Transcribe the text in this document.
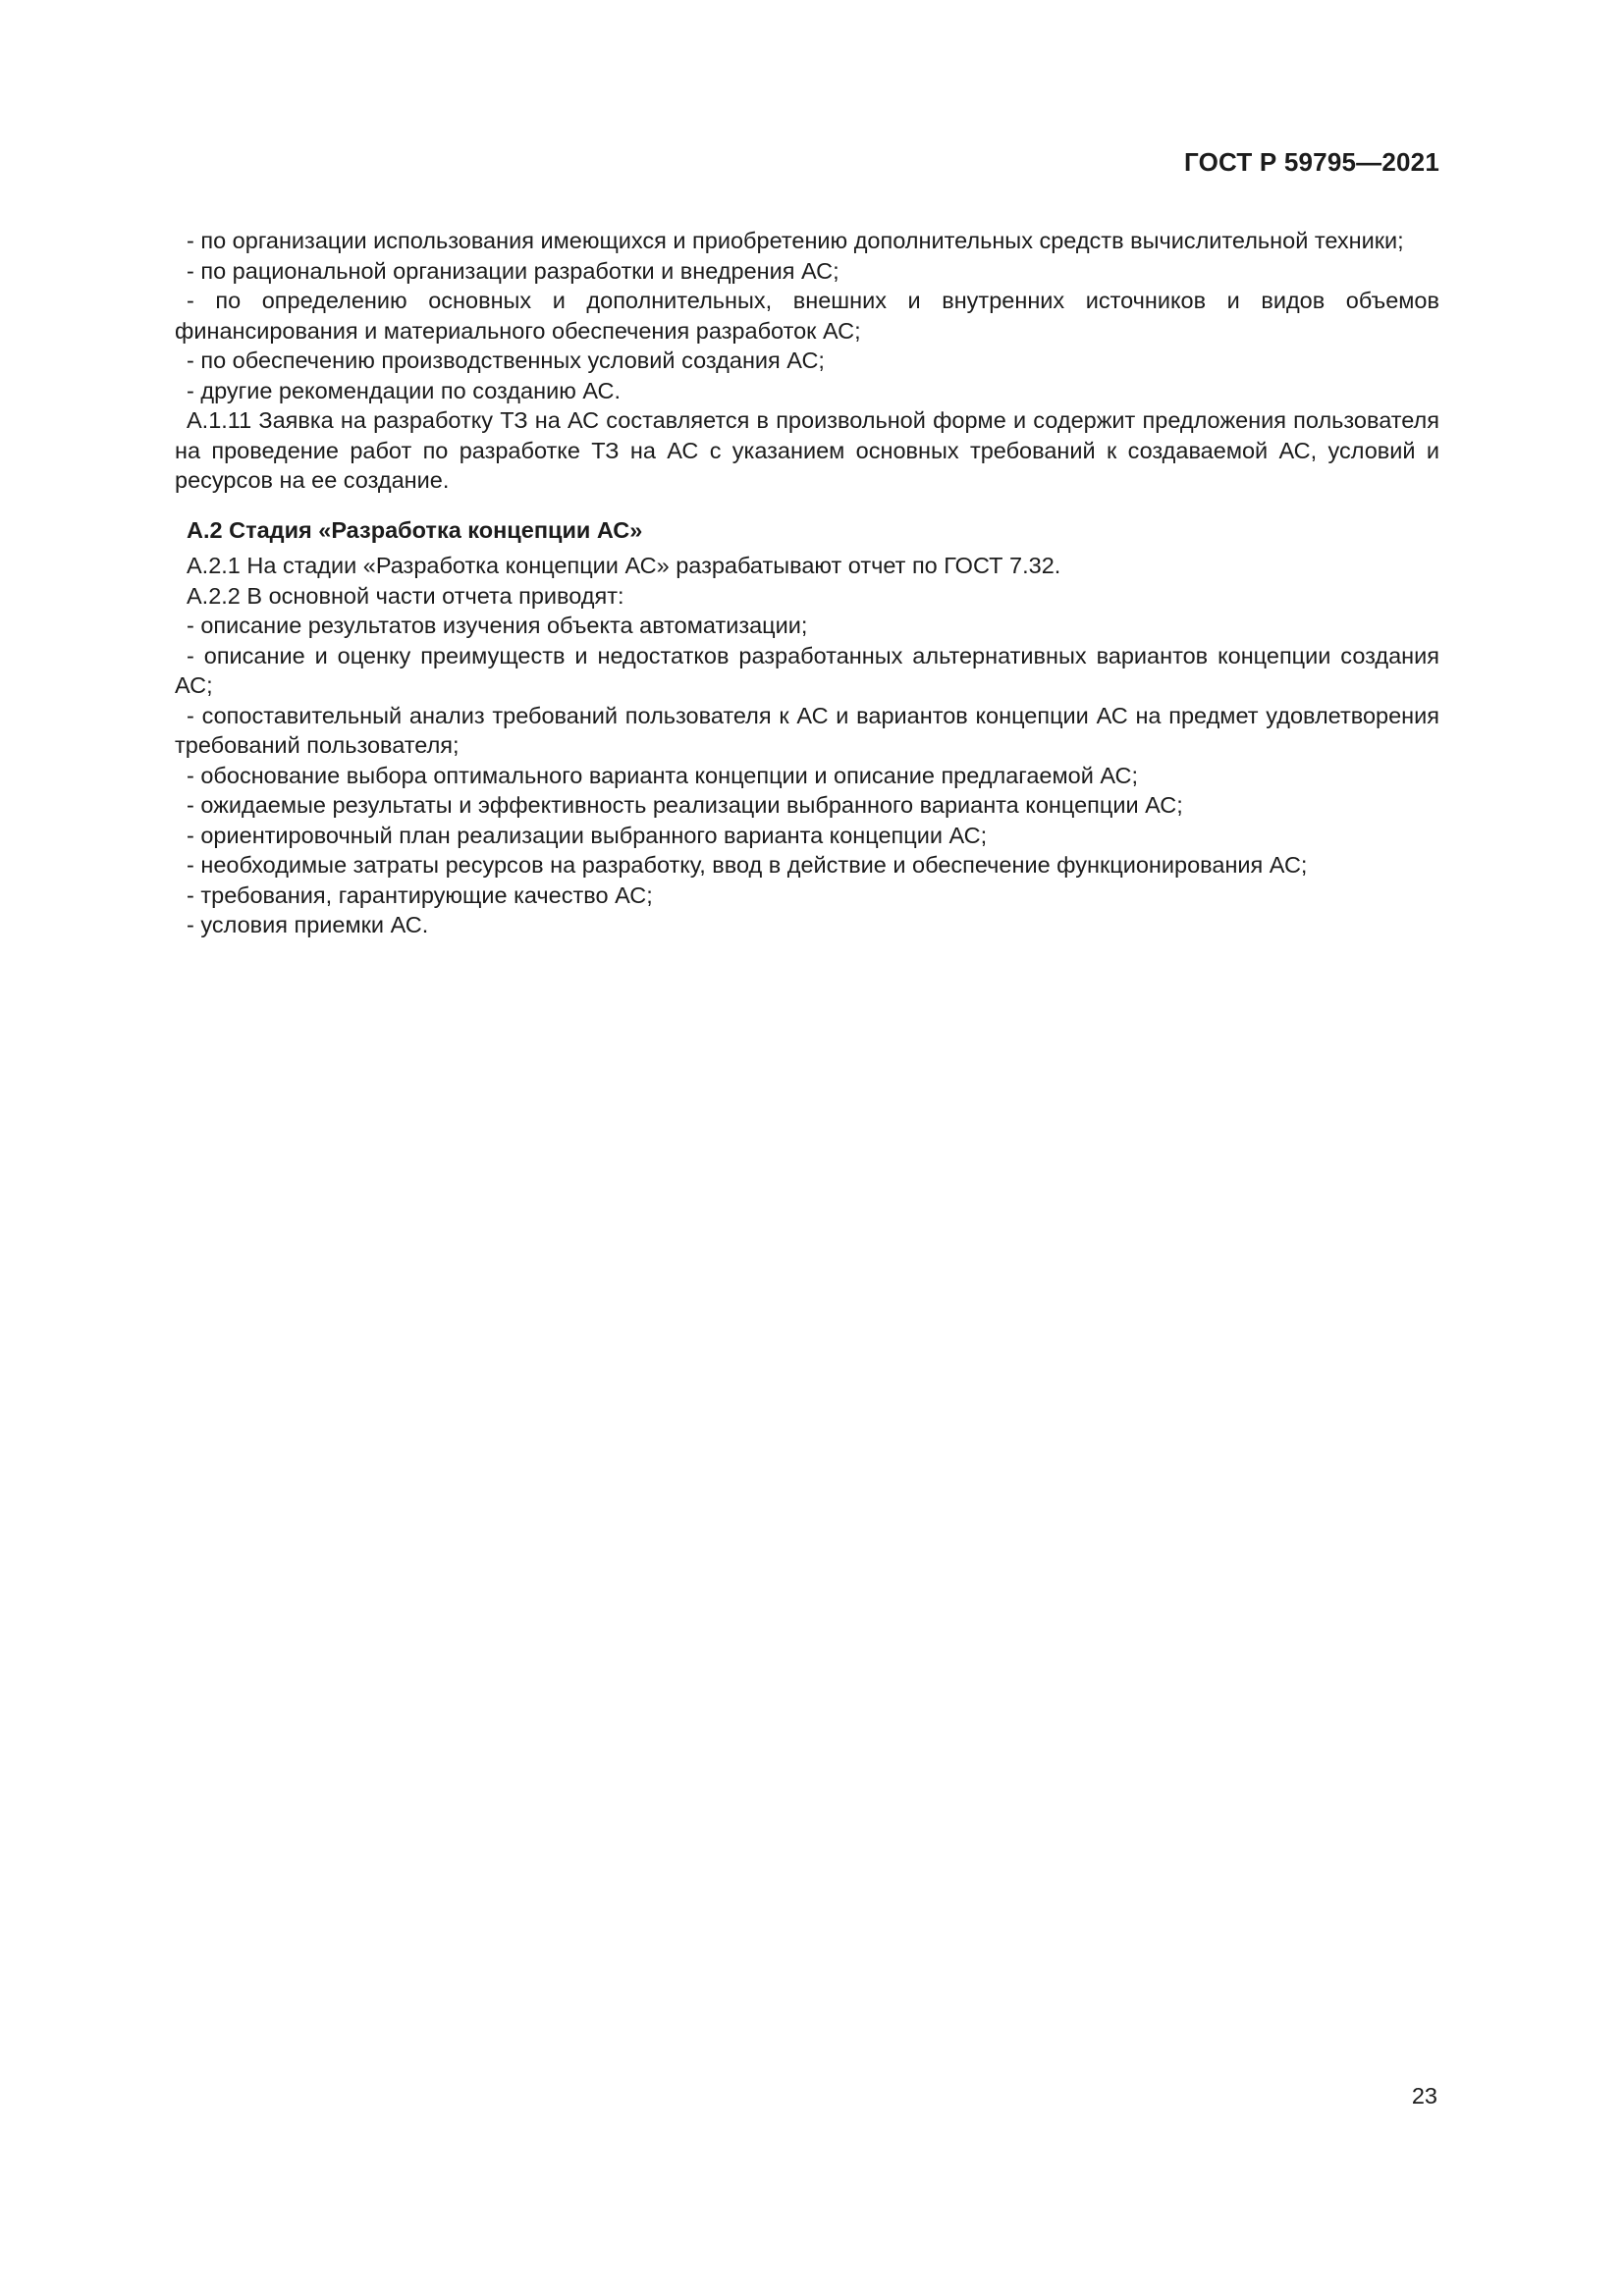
ГОСТ Р 59795—2021

- по организации использования имеющихся и приобретению дополнительных средств вычислительной техники;

- по рациональной организации разработки и внедрения АС;

- по определению основных и дополнительных, внешних и внутренних источников и видов объемов финансирования и материального обеспечения разработок АС;

- по обеспечению производственных условий создания АС;

- другие рекомендации по созданию АС.

А.1.11 Заявка на разработку ТЗ на АС составляется в произвольной форме и содержит предложения пользователя на проведение работ по разработке ТЗ на АС с указанием основных требований к создаваемой АС, условий и ресурсов на ее создание.

А.2 Стадия «Разработка концепции АС»

А.2.1 На стадии «Разработка концепции АС» разрабатывают отчет по ГОСТ 7.32.

А.2.2 В основной части отчета приводят:

- описание результатов изучения объекта автоматизации;

- описание и оценку преимуществ и недостатков разработанных альтернативных вариантов концепции создания АС;

- сопоставительный анализ требований пользователя к АС и вариантов концепции АС на предмет удовлетворения требований пользователя;

- обоснование выбора оптимального варианта концепции и описание предлагаемой АС;

- ожидаемые результаты и эффективность реализации выбранного варианта концепции АС;

- ориентировочный план реализации выбранного варианта концепции АС;

- необходимые затраты ресурсов на разработку, ввод в действие и обеспечение функционирования АС;

- требования, гарантирующие качество АС;

- условия приемки АС.

23
